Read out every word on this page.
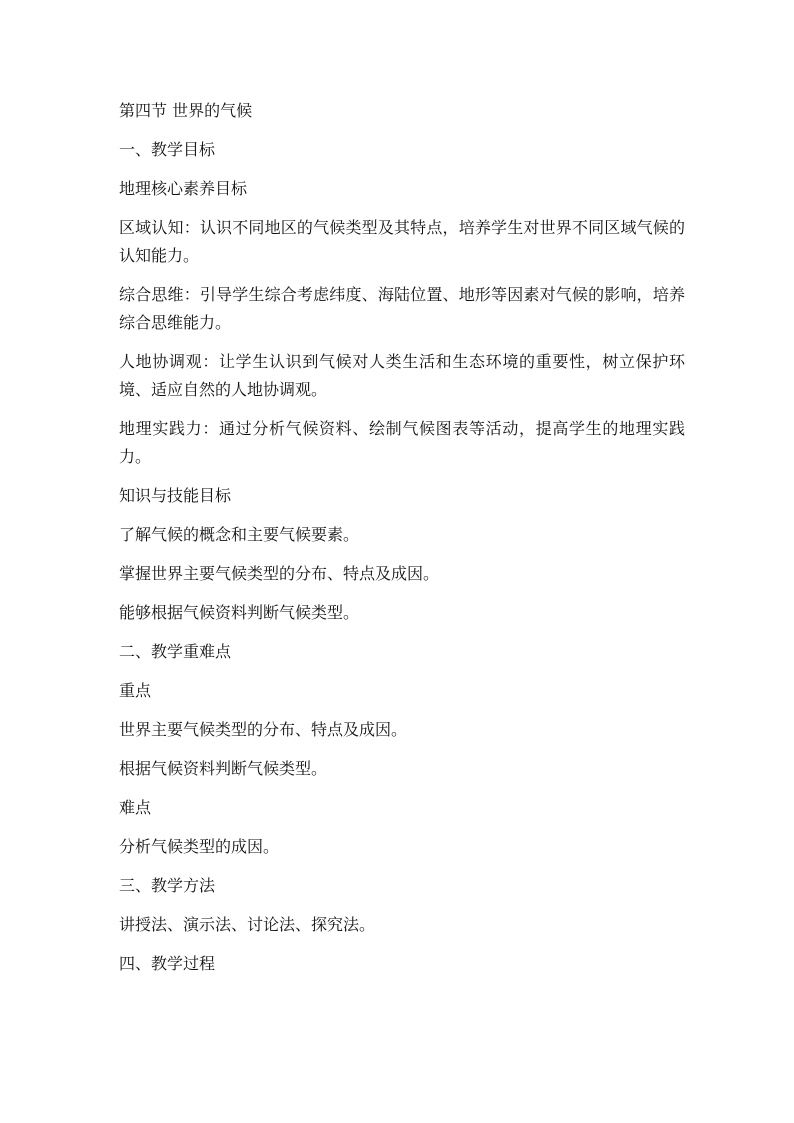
第四节 世界的气候

一、教学目标

地理核心素养目标

区域认知：认识不同地区的气候类型及其特点，培养学生对世界不同区域气候的认知能力。

综合思维：引导学生综合考虑纬度、海陆位置、地形等因素对气候的影响，培养综合思维能力。

人地协调观：让学生认识到气候对人类生活和生态环境的重要性，树立保护环境、适应自然的人地协调观。

地理实践力：通过分析气候资料、绘制气候图表等活动，提高学生的地理实践力。

知识与技能目标

了解气候的概念和主要气候要素。

掌握世界主要气候类型的分布、特点及成因。

能够根据气候资料判断气候类型。

二、教学重难点

重点

世界主要气候类型的分布、特点及成因。

根据气候资料判断气候类型。

难点

分析气候类型的成因。

三、教学方法

讲授法、演示法、讨论法、探究法。

四、教学过程
